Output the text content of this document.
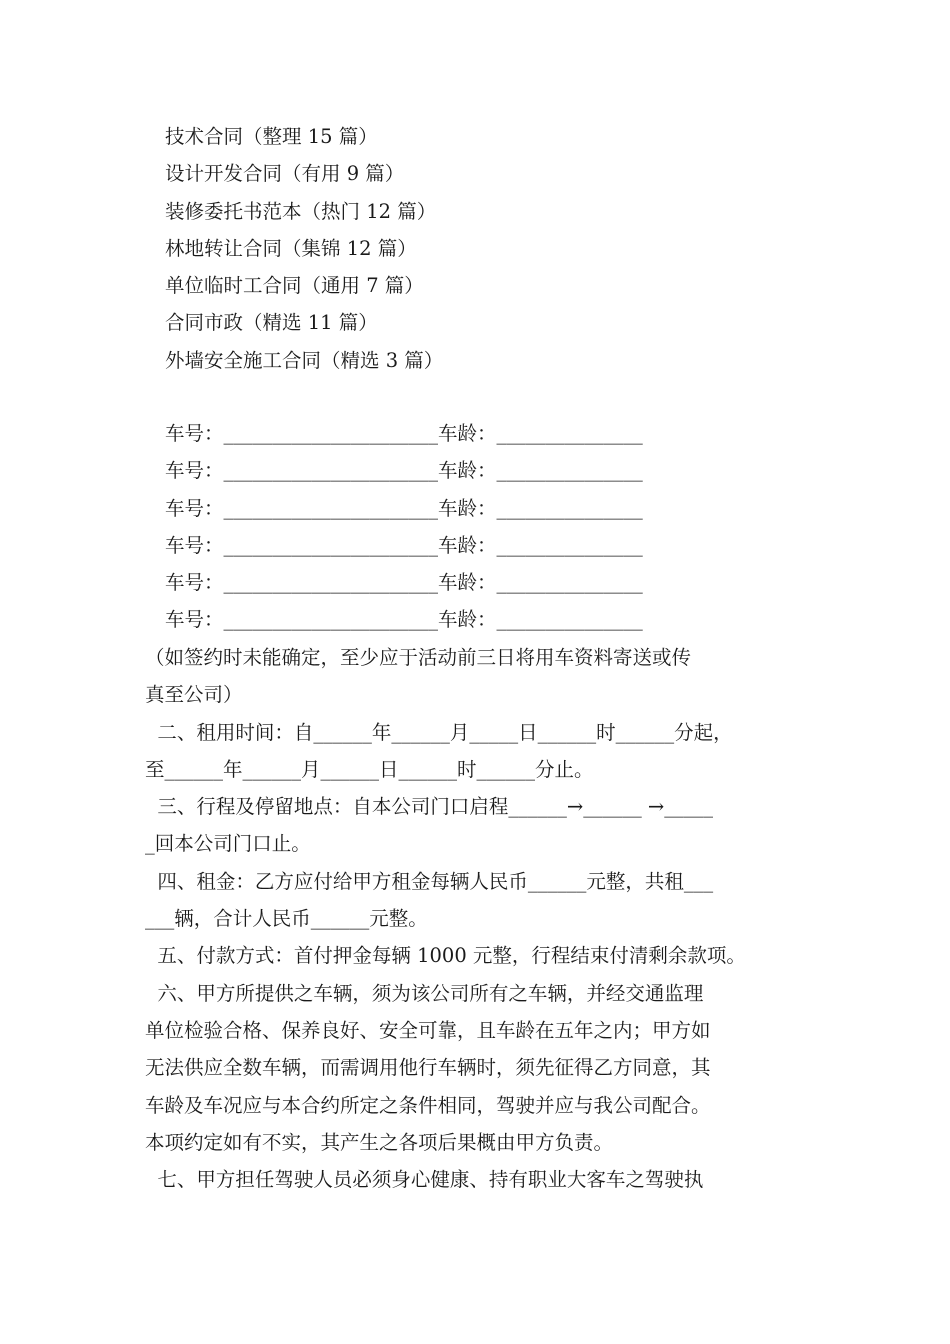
技术合同（整理 15 篇）
设计开发合同（有用 9 篇）
装修委托书范本（热门 12 篇）
林地转让合同（集锦 12 篇）
单位临时工合同（通用 7 篇）
合同市政（精选 11 篇）
外墙安全施工合同（精选 3 篇）
车号：______________________车龄：_______________
车号：______________________车龄：_______________
车号：______________________车龄：_______________
车号：______________________车龄：_______________
车号：______________________车龄：_______________
车号：______________________车龄：_______________
（如签约时未能确定，至少应于活动前三日将用车资料寄送或传
真至公司）
二、租用时间：自______年______月_____日______时______分起，
至______年______月______日______时______分止。
三、行程及停留地点：自本公司门口启程______→______ →_____
_回本公司门口止。
四、租金：乙方应付给甲方租金每辆人民币______元整，共租___
___辆，合计人民币______元整。
五、付款方式：首付押金每辆 1000 元整，行程结束付清剩余款项。
六、甲方所提供之车辆，须为该公司所有之车辆，并经交通监理
单位检验合格、保养良好、安全可靠，且车龄在五年之内；甲方如
无法供应全数车辆，而需调用他行车辆时，须先征得乙方同意，其
车龄及车况应与本合约所定之条件相同，驾驶并应与我公司配合。
本项约定如有不实，其产生之各项后果概由甲方负责。
七、甲方担任驾驶人员必须身心健康、持有职业大客车之驾驶执
